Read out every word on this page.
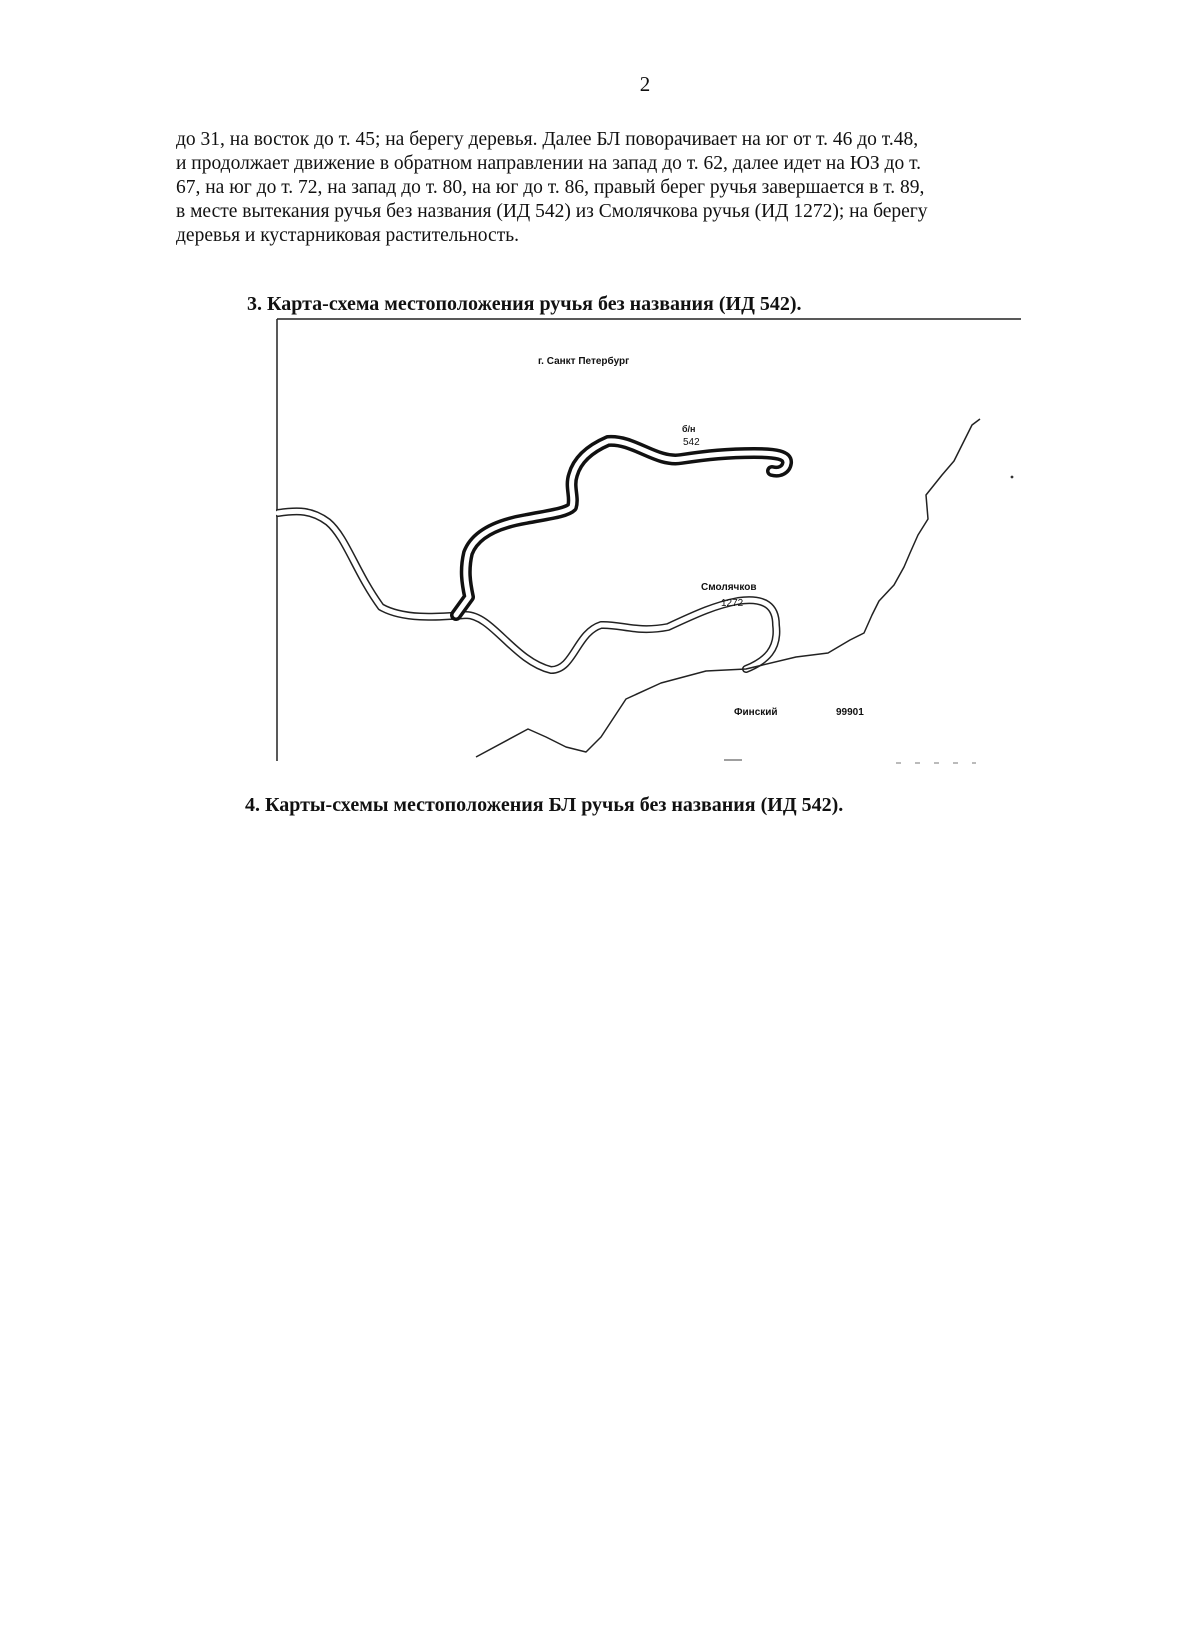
2
до 31, на восток до т. 45; на берегу деревья. Далее БЛ поворачивает на юг от т. 46 до т.48,
и продолжает движение в обратном направлении на запад до т. 62, далее идет на ЮЗ до т.
67, на юг до т. 72, на запад до т. 80, на юг до т. 86, правый берег ручья завершается в т. 89,
в месте вытекания ручья без названия (ИД 542) из Смолячкова ручья (ИД 1272); на берегу
деревья и кустарниковая растительность.
3. Карта-схема местоположения ручья без названия (ИД 542).
г. Санкт Петербург
б/н
542
Смолячков
1272
Финский	99901
4. Карты-схемы местоположения БЛ ручья без названия (ИД 542).
